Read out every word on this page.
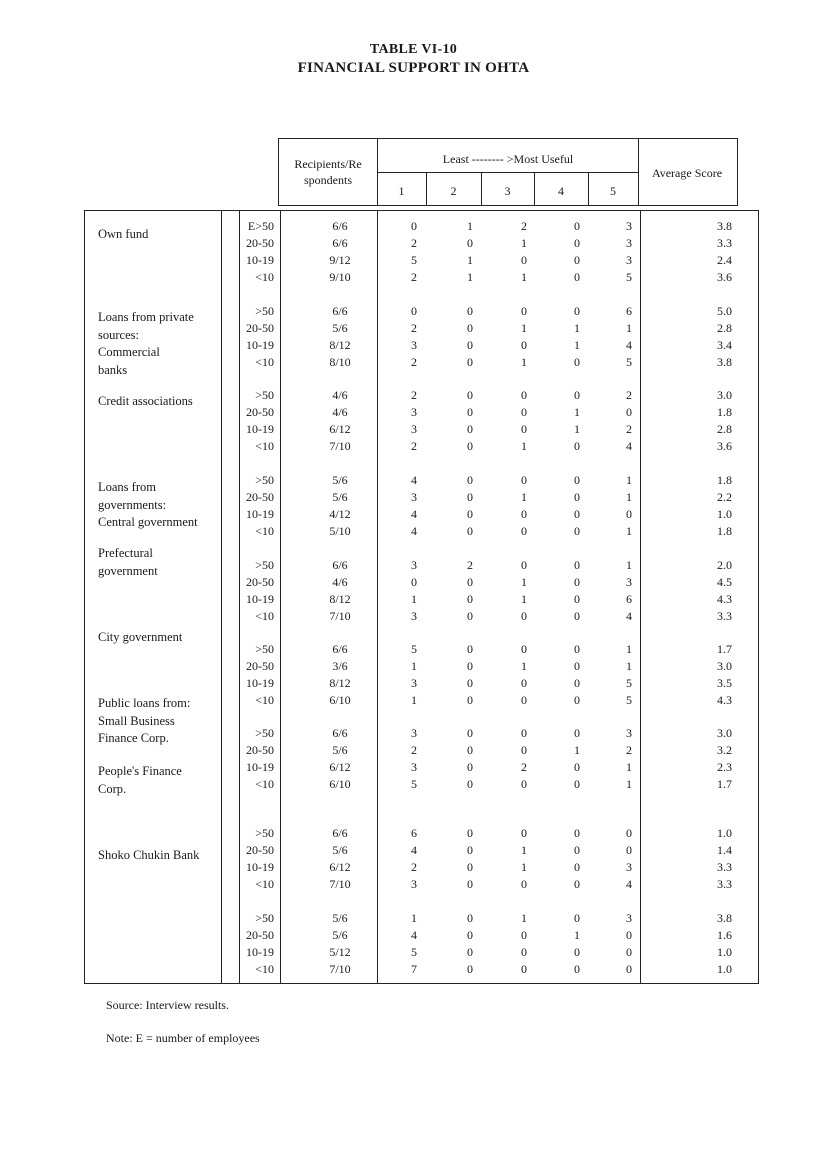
TABLE VI-10
FINANCIAL SUPPORT IN OHTA
Recipients/Re spondents
Least -------- >Most Useful
Average Score
1	2	3	4	5
Own fund
E>50	6/6	0	1	2	0	3	3.8
20-50	6/6	2	0	1	0	3	3.3
10-19	9/12	5	1	0	0	3	2.4
<10	9/10	2	1	1	0	5	3.6
Loans from private
sources:
Commercial
banks
>50	6/6	0	0	0	0	6	5.0
20-50	5/6	2	0	1	1	1	2.8
10-19	8/12	3	0	0	1	4	3.4
<10	8/10	2	0	1	0	5	3.8
Credit associations	>50	4/6	2	0	0	0	2	3.0
20-50	4/6	3	0	0	1	0	1.8
10-19	6/12	3	0	0	1	2	2.8
<10	7/10	2	0	1	0	4	3.6
Loans from
governments:
Central government
>50	5/6	4	0	0	0	1	1.8
20-50	5/6	3	0	1	0	1	2.2
10-19	4/12	4	0	0	0	0	1.0
<10	5/10	4	0	0	0	1	1.8
Prefectural
government	>50	6/6	3	2	0	0	1	2.0
20-50	4/6	0	0	1	0	3	4.5
10-19	8/12	1	0	1	0	6	4.3
<10	7/10	3	0	0	0	4	3.3
City government
>50	6/6	5	0	0	0	1	1.7
20-50	3/6	1	0	1	0	1	3.0
10-19	8/12	3	0	0	0	5	3.5
<10	6/10	1	0	0	0	5	4.3
Public loans from:
Small Business
Finance Corp.	>50	6/6	3	0	0	0	3	3.0
20-50	5/6	2	0	0	1	2	3.2
10-19	6/12	3	0	2	0	1	2.3
<10	6/10	5	0	0	0	1	1.7
People's Finance
Corp.
>50	6/6	6	0	0	0	0	1.0
20-50	5/6	4	0	1	0	0	1.4
10-19	6/12	2	0	1	0	3	3.3
<10	7/10	3	0	0	0	4	3.3
Shoko Chukin Bank
>50	5/6	1	0	1	0	3	3.8
20-50	5/6	4	0	0	1	0	1.6
10-19	5/12	5	0	0	0	0	1.0
<10	7/10	7	0	0	0	0	1.0
Source: Interview results.
Note: E = number of employees
